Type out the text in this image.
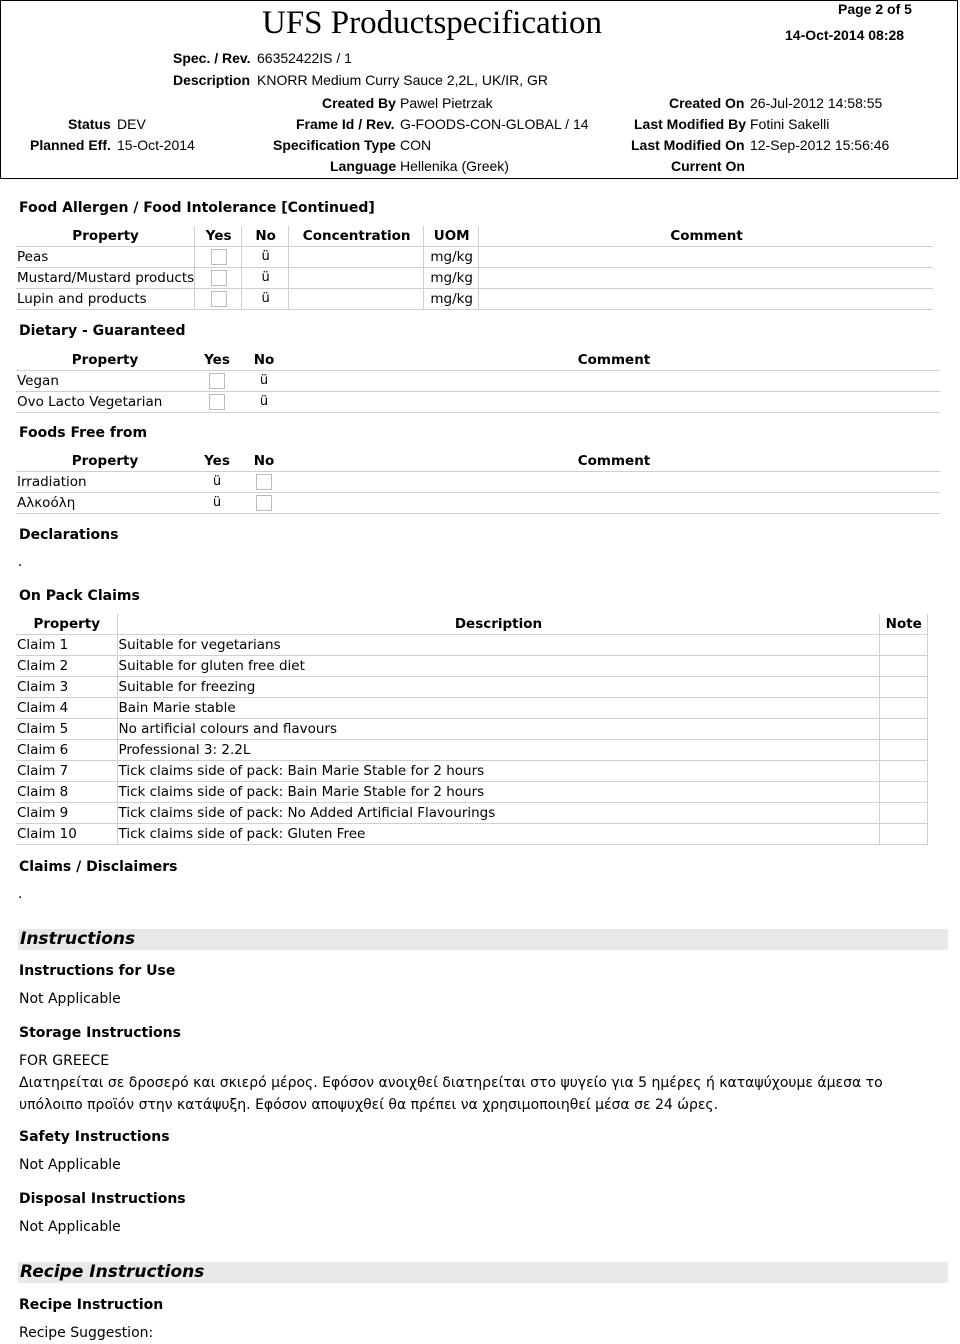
UFS Productspecification	Page 2 of 5
14-Oct-2014 08:28
Spec. / Rev. 66352422IS / 1
Description KNORR Medium Curry Sauce 2,2L, UK/IR, GR
Created By Pawel Pietrzak	Created On 26-Jul-2012 14:58:55
Status DEV	Frame Id / Rev. G-FOODS-CON-GLOBAL / 14	Last Modified By Fotini Sakelli
Planned Eff. 15-Oct-2014	Specification Type CON	Last Modified On 12-Sep-2012 15:56:46
Language Hellenika (Greek)	Current On
Food Allergen / Food Intolerance [Continued]
Property	Yes	No	Concentration	UOM	Comment
Peas		ü		mg/kg	
Mustard/Mustard products		ü		mg/kg	
Lupin and products		ü		mg/kg	
Dietary - Guaranteed
Property	Yes	No	Comment
Vegan		ü	
Ovo Lacto Vegetarian		ü	
Foods Free from
Property	Yes	No	Comment
Irradiation	ü		
Αλκοόλη	ü		
Declarations
.
On Pack Claims
Property	Description	Note
Claim 1	Suitable for vegetarians	
Claim 2	Suitable for gluten free diet	
Claim 3	Suitable for freezing	
Claim 4	Bain Marie stable	
Claim 5	No artificial colours and flavours	
Claim 6	Professional 3: 2.2L	
Claim 7	Tick claims side of pack: Bain Marie Stable for 2 hours	
Claim 8	Tick claims side of pack: Bain Marie Stable for 2 hours	
Claim 9	Tick claims side of pack: No Added Artificial Flavourings	
Claim 10	Tick claims side of pack: Gluten Free	
Claims / Disclaimers
.
Instructions
Instructions for Use
Not Applicable
Storage Instructions
FOR GREECE
Διατηρείται σε δροσερό και σκιερό μέρος. Εφόσον ανοιχθεί διατηρείται στο ψυγείο για 5 ημέρες ή καταψύχουμε άμεσα το υπόλοιπο προϊόν στην κατάψυξη. Εφόσον αποψυχθεί θα πρέπει να χρησιμοποιηθεί μέσα σε 24 ώρες.
Safety Instructions
Not Applicable
Disposal Instructions
Not Applicable
Recipe Instructions
Recipe Instruction
Recipe Suggestion:
